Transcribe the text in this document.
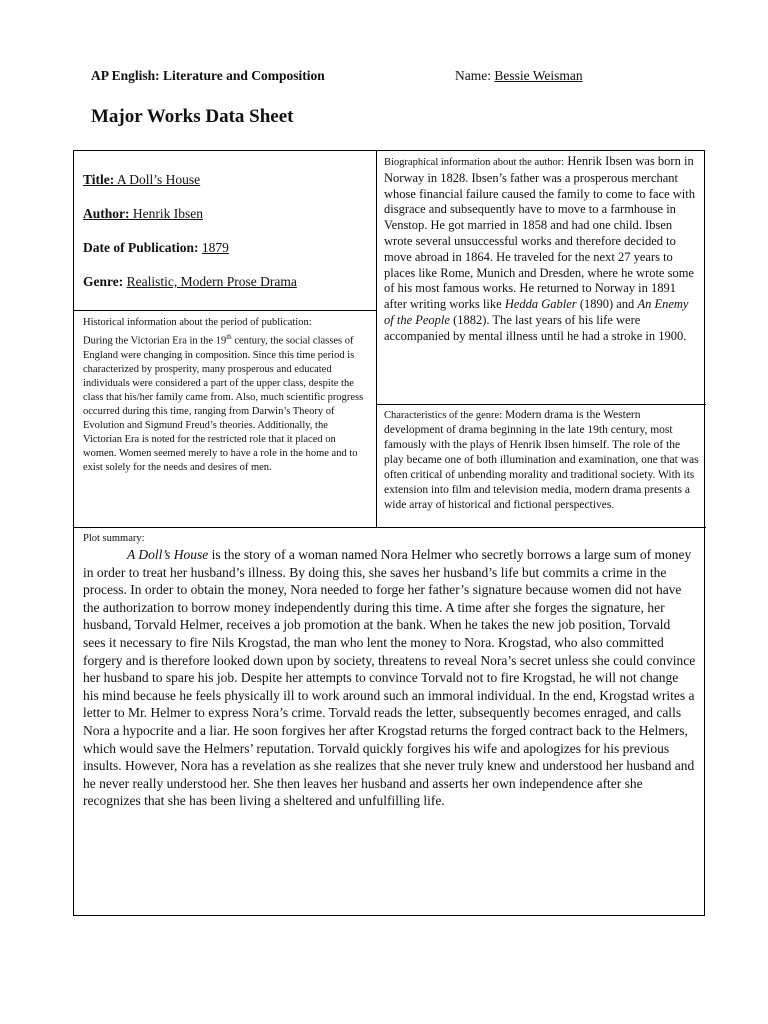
AP English: Literature and Composition	Name: Bessie Weisman
Major Works Data Sheet
Title: A Doll’s House
Author: Henrik Ibsen
Date of Publication: 1879
Genre: Realistic, Modern Prose Drama
Biographical information about the author: Henrik Ibsen was born in Norway in 1828. Ibsen’s father was a prosperous merchant whose financial failure caused the family to come to face with disgrace and subsequently have to move to a farmhouse in Venstop. He got married in 1858 and had one child. Ibsen wrote several unsuccessful works and therefore decided to move abroad in 1864. He traveled for the next 27 years to places like Rome, Munich and Dresden, where he wrote some of his most famous works. He returned to Norway in 1891 after writing works like Hedda Gabler (1890) and An Enemy of the People (1882). The last years of his life were accompanied by mental illness until he had a stroke in 1900.
Historical information about the period of publication:
During the Victorian Era in the 19th century, the social classes of England were changing in composition. Since this time period is characterized by prosperity, many prosperous and educated individuals were considered a part of the upper class, despite the class that his/her family came from. Also, much scientific progress occurred during this time, ranging from Darwin’s Theory of Evolution and Sigmund Freud’s theories. Additionally, the Victorian Era is noted for the restricted role that it placed on women. Women seemed merely to have a role in the home and to exist solely for the needs and desires of men.
Characteristics of the genre: Modern drama is the Western development of drama beginning in the late 19th century, most famously with the plays of Henrik Ibsen himself. The role of the play became one of both illumination and examination, one that was often critical of unbending morality and traditional society. With its extension into film and television media, modern drama presents a wide array of historical and fictional perspectives.
Plot summary:

A Doll’s House is the story of a woman named Nora Helmer who secretly borrows a large sum of money in order to treat her husband’s illness. By doing this, she saves her husband’s life but commits a crime in the process. In order to obtain the money, Nora needed to forge her father’s signature because women did not have the authorization to borrow money independently during this time. A time after she forges the signature, her husband, Torvald Helmer, receives a job promotion at the bank. When he takes the new job position, Torvald sees it necessary to fire Nils Krogstad, the man who lent the money to Nora. Krogstad, who also committed forgery and is therefore looked down upon by society, threatens to reveal Nora’s secret unless she could convince her husband to spare his job. Despite her attempts to convince Torvald not to fire Krogstad, he will not change his mind because he feels physically ill to work around such an immoral individual. In the end, Krogstad writes a letter to Mr. Helmer to express Nora’s crime. Torvald reads the letter, subsequently becomes enraged, and calls Nora a hypocrite and a liar. He soon forgives her after Krogstad returns the forged contract back to the Helmers, which would save the Helmers’ reputation. Torvald quickly forgives his wife and apologizes for his previous insults. However, Nora has a revelation as she realizes that she never truly knew and understood her husband and he never really understood her. She then leaves her husband and asserts her own independence after she recognizes that she has been living a sheltered and unfulfilling life.
